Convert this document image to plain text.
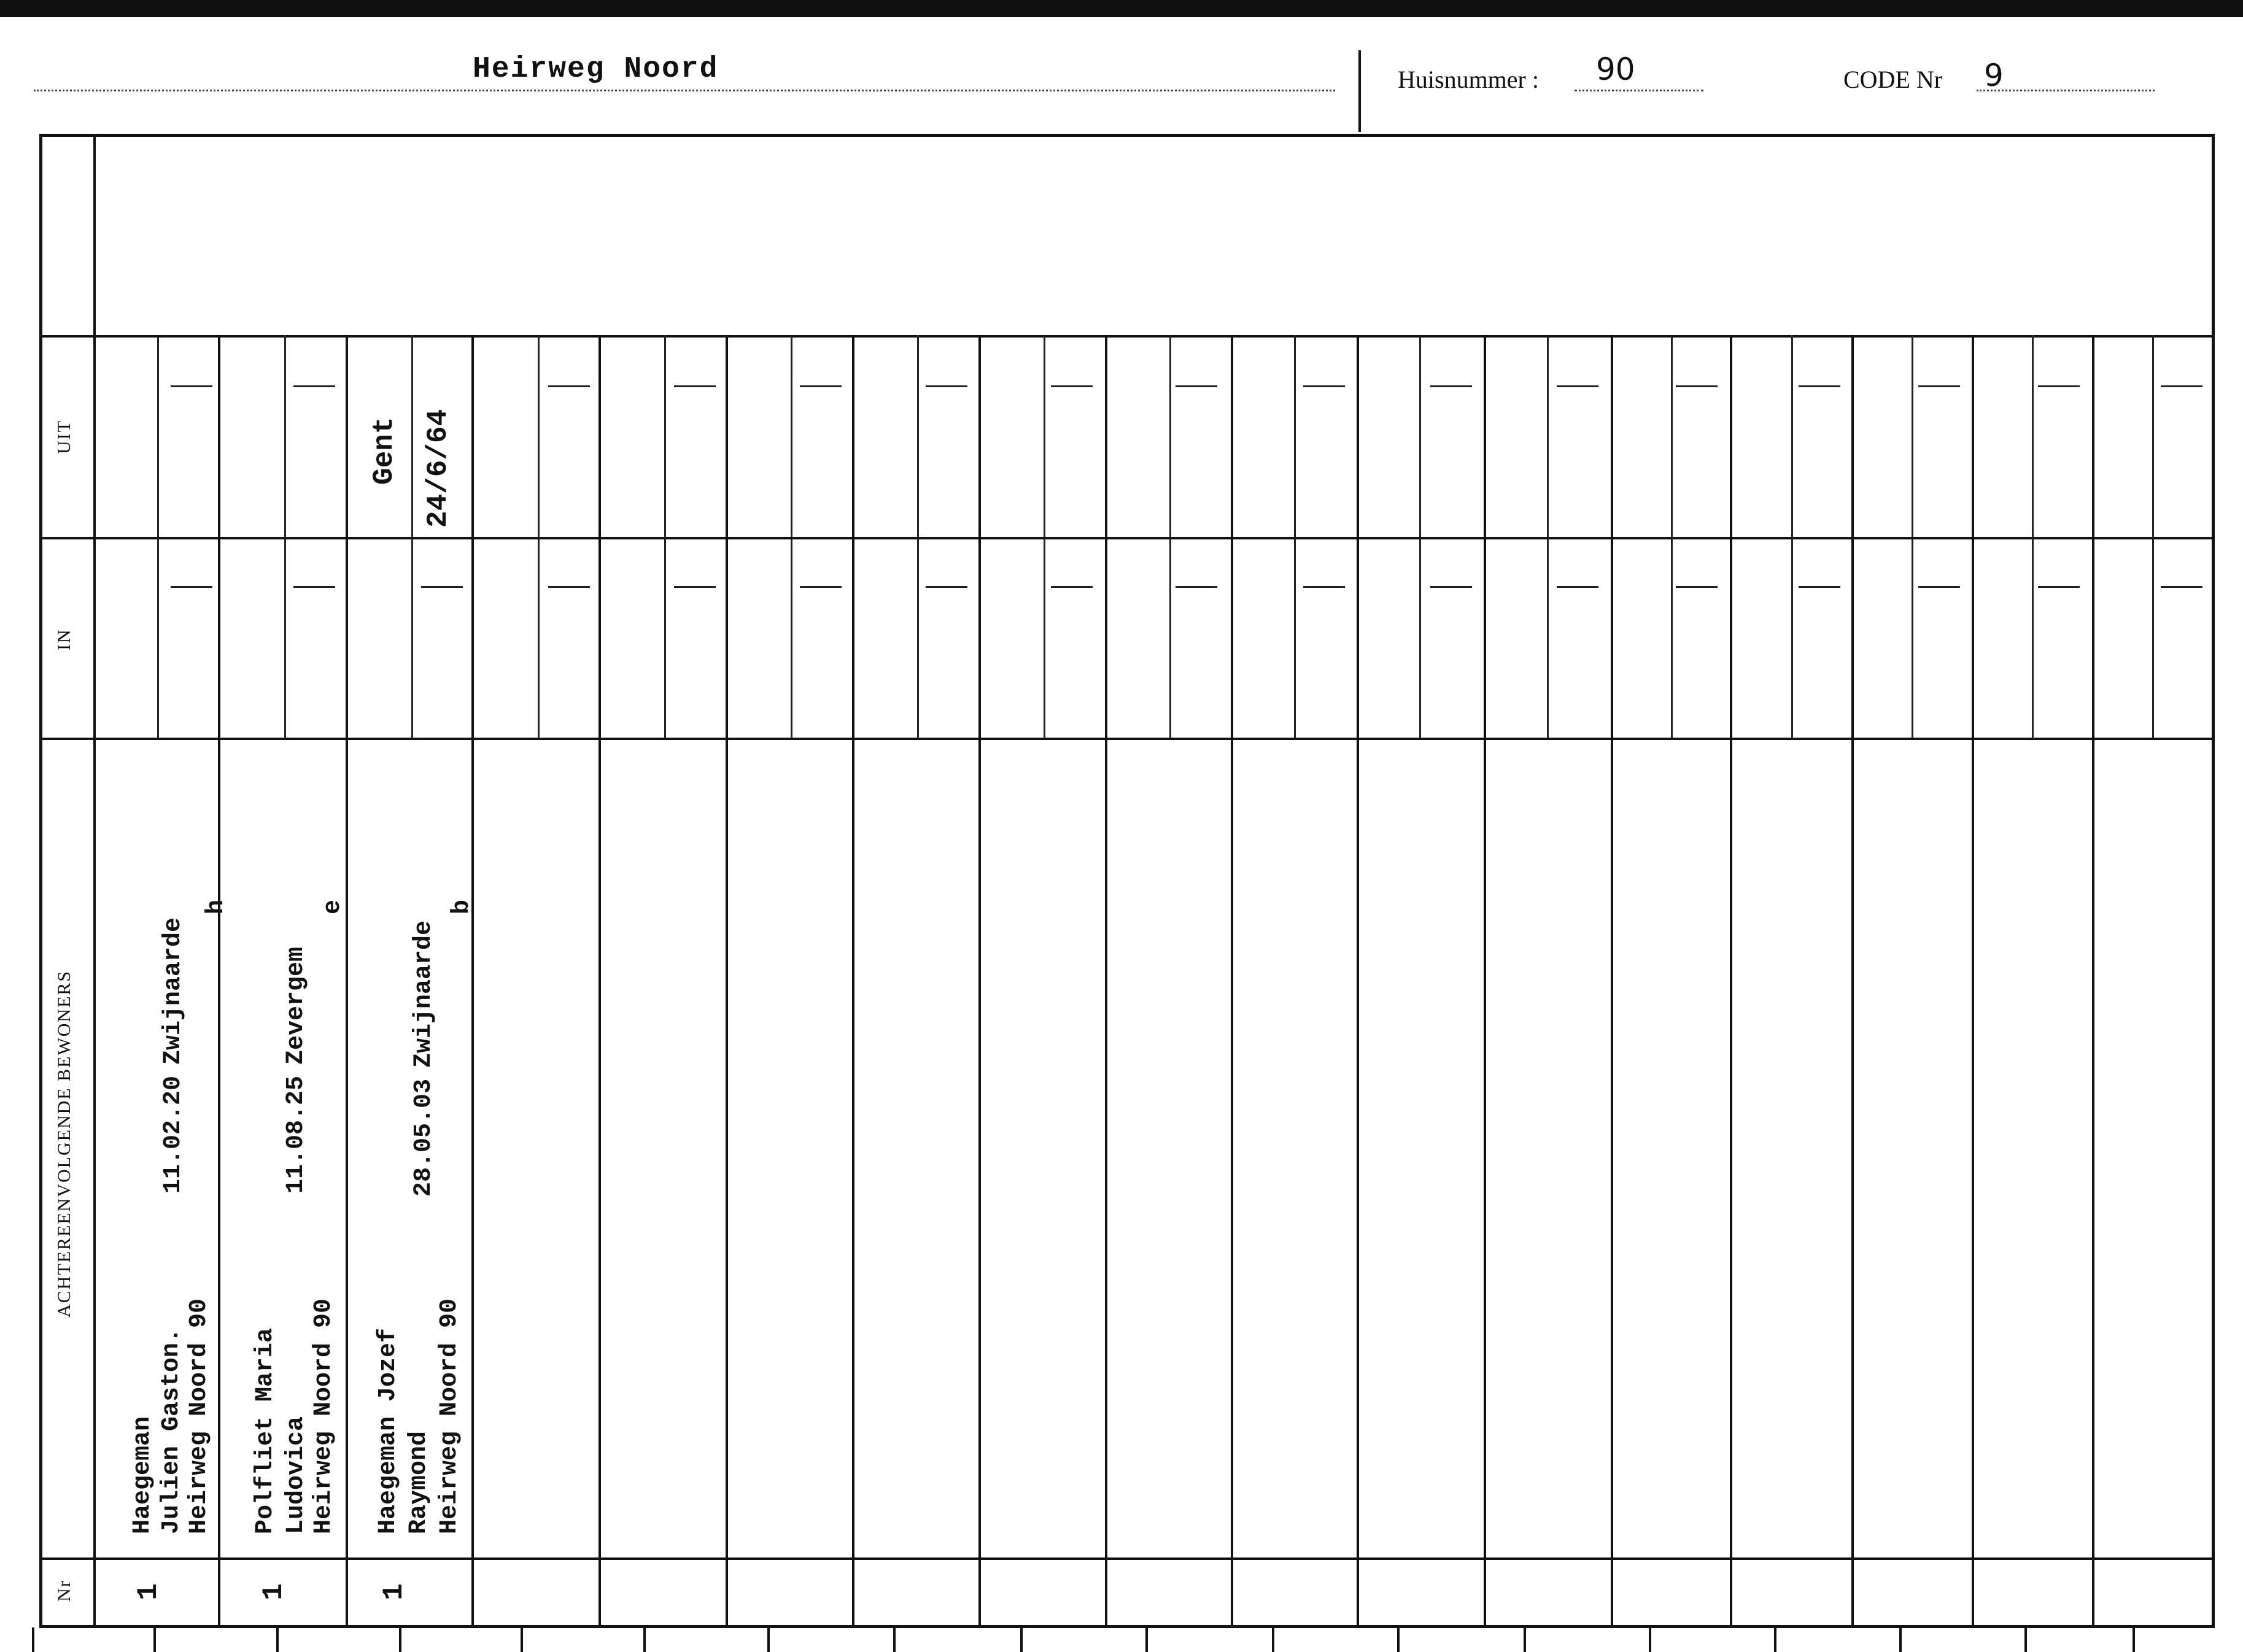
Heirweg Noord	Huisnummer : 90	CODE Nr 9
UIT
IN
ACHTEREENVOLGENDE BEWONERS
Nr
Gent 24/6/64
Haegeman Julien Gaston. Heirweg Noord 90
11.02.20
Zwijnaarde
h
1
Polfliet Maria Ludovica Heirweg Noord 90
11.08.25
Zevergem
e
1
Haegeman Jozef Raymond Heirweg Noord 90
28.05.03
Zwijnaarde
b
1
